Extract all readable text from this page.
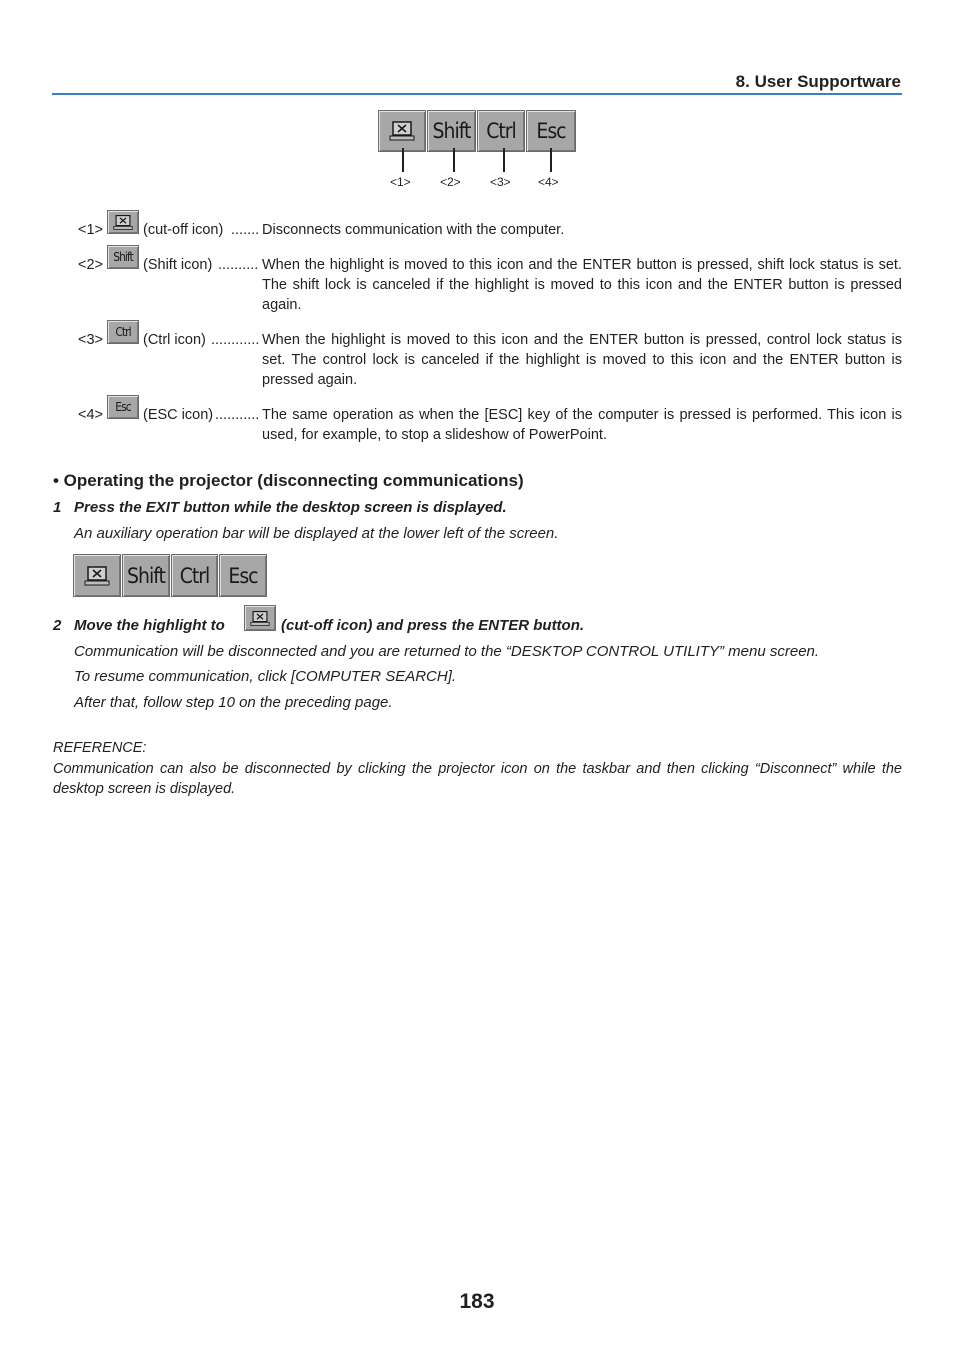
8. User Supportware
Shift Ctrl Esc
<1> <2> <3> <4>
<1>	(cut-off icon) ....... Disconnects communication with the computer.
<2> Shift (Shift icon) .......... When the highlight is moved to this icon and the ENTER button is pressed, shift lock status is set. The shift lock is canceled if the highlight is moved to this icon and the ENTER button is pressed again.
<3>	Ctrl (Ctrl icon) ............ When the highlight is moved to this icon and the ENTER button is pressed, control lock status is set. The control lock is canceled if the highlight is moved to this icon and the ENTER button is pressed again.
<4>	Esc (ESC icon) ........... The same operation as when the [ESC] key of the computer is pressed is performed. This icon is used, for example, to stop a slideshow of PowerPoint.
• Operating the projector (disconnecting communications)
1 Press the EXIT button while the desktop screen is displayed.
An auxiliary operation bar will be displayed at the lower left of the screen.
Shift Ctrl Esc
2 Move the highlight to	(cut-off icon) and press the ENTER button.
Communication will be disconnected and you are returned to the “DESKTOP CONTROL UTILITY” menu screen.
To resume communication, click [COMPUTER SEARCH].
After that, follow step 10 on the preceding page.
REFERENCE:
Communication can also be disconnected by clicking the projector icon on the taskbar and then clicking “Disconnect” while the desktop screen is displayed.
183
